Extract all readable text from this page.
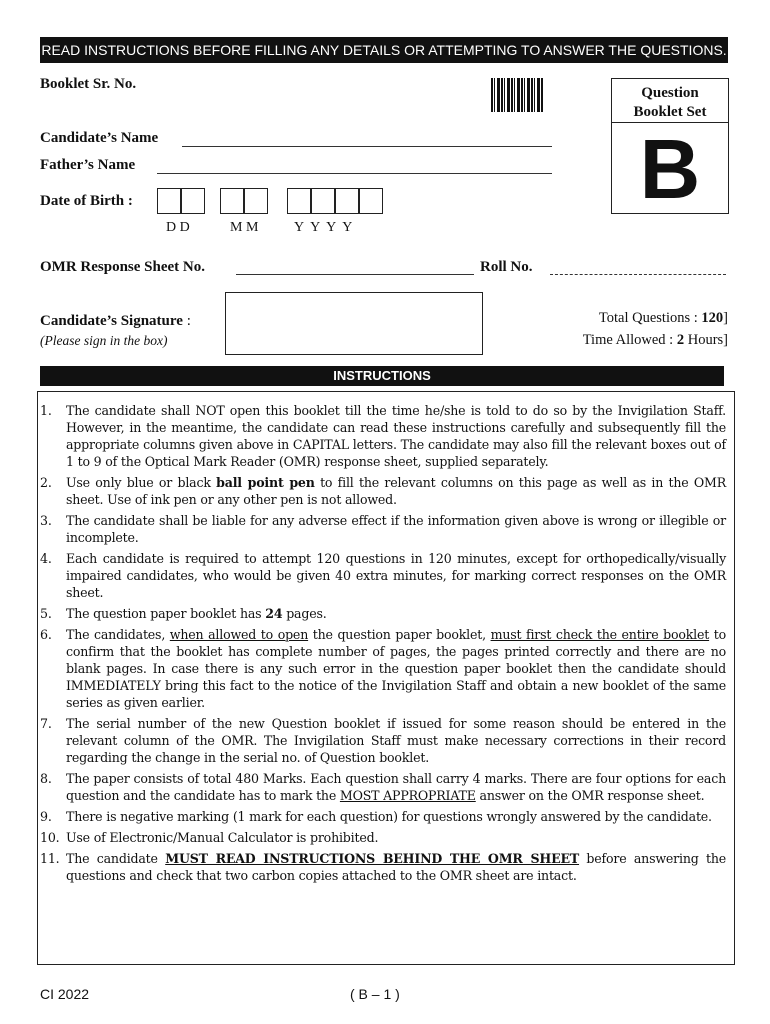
READ INSTRUCTIONS BEFORE FILLING ANY DETAILS OR ATTEMPTING TO ANSWER THE QUESTIONS.
Booklet Sr. No.
Question
Booklet Set
B
Candidate’s Name
Father’s Name
Date of Birth :
D D	M M	Y  Y  Y  Y
OMR Response Sheet No.	Roll No.
Candidate’s Signature :
(Please sign in the box)
Total Questions : 120]
Time Allowed : 2 Hours]
INSTRUCTIONS
1. The candidate shall NOT open this booklet till the time he/she is told to do so by the Invigilation Staff. However, in the meantime, the candidate can read these instructions carefully and subsequently fill the appropriate columns given above in CAPITAL letters. The candidate may also fill the relevant boxes out of 1 to 9 of the Optical Mark Reader (OMR) response sheet, supplied separately.
2. Use only blue or black ball point pen to fill the relevant columns on this page as well as in the OMR sheet. Use of ink pen or any other pen is not allowed.
3. The candidate shall be liable for any adverse effect if the information given above is wrong or illegible or incomplete.
4. Each candidate is required to attempt 120 questions in 120 minutes, except for orthopedically/visually impaired candidates, who would be given 40 extra minutes, for marking correct responses on the OMR sheet.
5. The question paper booklet has 24 pages.
6. The candidates, when allowed to open the question paper booklet, must first check the entire booklet to confirm that the booklet has complete number of pages, the pages printed correctly and there are no blank pages. In case there is any such error in the question paper booklet then the candidate should IMMEDIATELY bring this fact to the notice of the Invigilation Staff and obtain a new booklet of the same series as given earlier.
7. The serial number of the new Question booklet if issued for some reason should be entered in the relevant column of the OMR. The Invigilation Staff must make necessary corrections in their record regarding the change in the serial no. of Question booklet.
8. The paper consists of total 480 Marks. Each question shall carry 4 marks. There are four options for each question and the candidate has to mark the MOST APPROPRIATE answer on the OMR response sheet.
9. There is negative marking (1 mark for each question) for questions wrongly answered by the candidate.
10. Use of Electronic/Manual Calculator is prohibited.
11. The candidate MUST READ INSTRUCTIONS BEHIND THE OMR SHEET before answering the questions and check that two carbon copies attached to the OMR sheet are intact.
CI 2022	( B – 1 )
